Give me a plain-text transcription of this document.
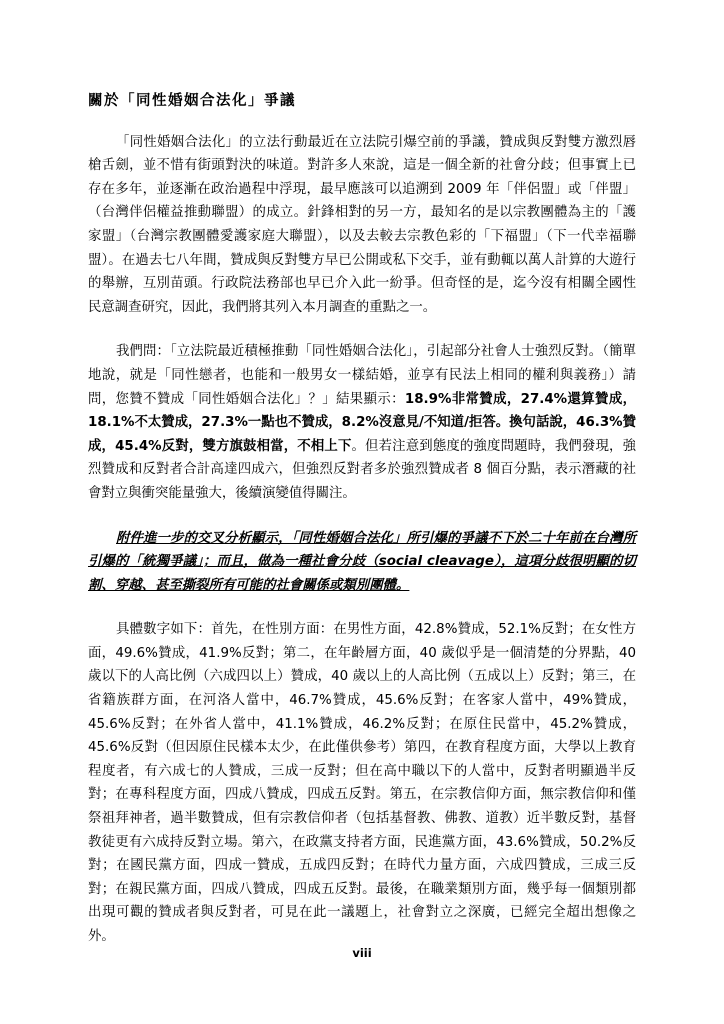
關於「同性婚姻合法化」爭議

「同性婚姻合法化」的立法行動最近在立法院引爆空前的爭議，贊成與反對雙方激烈唇槍舌劍，並不惜有街頭對決的味道。對許多人來說，這是一個全新的社會分歧；但事實上已存在多年，並逐漸在政治過程中浮現，最早應該可以追溯到 2009 年「伴侶盟」或「伴盟」（台灣伴侶權益推動聯盟）的成立。針鋒相對的另一方，最知名的是以宗教團體為主的「護家盟」（台灣宗教團體愛護家庭大聯盟），以及去較去宗教色彩的「下福盟」（下一代幸福聯盟）。在過去七八年間，贊成與反對雙方早已公開或私下交手，並有動輒以萬人計算的大遊行的舉辦，互別苗頭。行政院法務部也早已介入此一紛爭。但奇怪的是，迄今沒有相關全國性民意調查研究，因此，我們將其列入本月調查的重點之一。

我們問：「立法院最近積極推動「同性婚姻合法化」，引起部分社會人士強烈反對。（簡單地說，就是「同性戀者，也能和一般男女一樣結婚，並享有民法上相同的權利與義務」）請問，您贊不贊成「同性婚姻合法化」？」結果顯示：18.9%非常贊成，27.4%還算贊成，18.1%不太贊成，27.3%一點也不贊成，8.2%沒意見/不知道/拒答。換句話說，46.3%贊成，45.4%反對，雙方旗鼓相當，不相上下。但若注意到態度的強度問題時，我們發現，強烈贊成和反對者合計高達四成六，但強烈反對者多於強烈贊成者 8 個百分點，表示潛藏的社會對立與衝突能量強大，後續演變值得關注。

附件進一步的交叉分析顯示，「同性婚姻合法化」所引爆的爭議不下於二十年前在台灣所引爆的「統獨爭議」；而且，做為一種社會分歧（social cleavage），這項分歧很明顯的切割、穿越、甚至撕裂所有可能的社會關係或類別團體。

具體數字如下：首先，在性別方面：在男性方面，42.8%贊成，52.1%反對；在女性方面，49.6%贊成，41.9%反對；第二，在年齡層方面，40 歲似乎是一個清楚的分界點，40 歲以下的人高比例（六成四以上）贊成，40 歲以上的人高比例（五成以上）反對；第三，在省籍族群方面，在河洛人當中，46.7%贊成，45.6%反對；在客家人當中，49%贊成，45.6%反對；在外省人當中，41.1%贊成，46.2%反對；在原住民當中，45.2%贊成，45.6%反對（但因原住民樣本太少，在此僅供參考）第四，在教育程度方面，大學以上教育程度者，有六成七的人贊成，三成一反對；但在高中職以下的人當中，反對者明顯過半反對；在專科程度方面，四成八贊成，四成五反對。第五，在宗教信仰方面，無宗教信仰和僅祭祖拜神者，過半數贊成，但有宗教信仰者（包括基督教、佛教、道教）近半數反對，基督教徒更有六成持反對立場。第六，在政黨支持者方面，民進黨方面，43.6%贊成，50.2%反對；在國民黨方面，四成一贊成，五成四反對；在時代力量方面，六成四贊成，三成三反對；在親民黨方面，四成八贊成，四成五反對。最後，在職業類別方面，幾乎每一個類別都出現可觀的贊成者與反對者，可見在此一議題上，社會對立之深廣，已經完全超出想像之外。

viii
